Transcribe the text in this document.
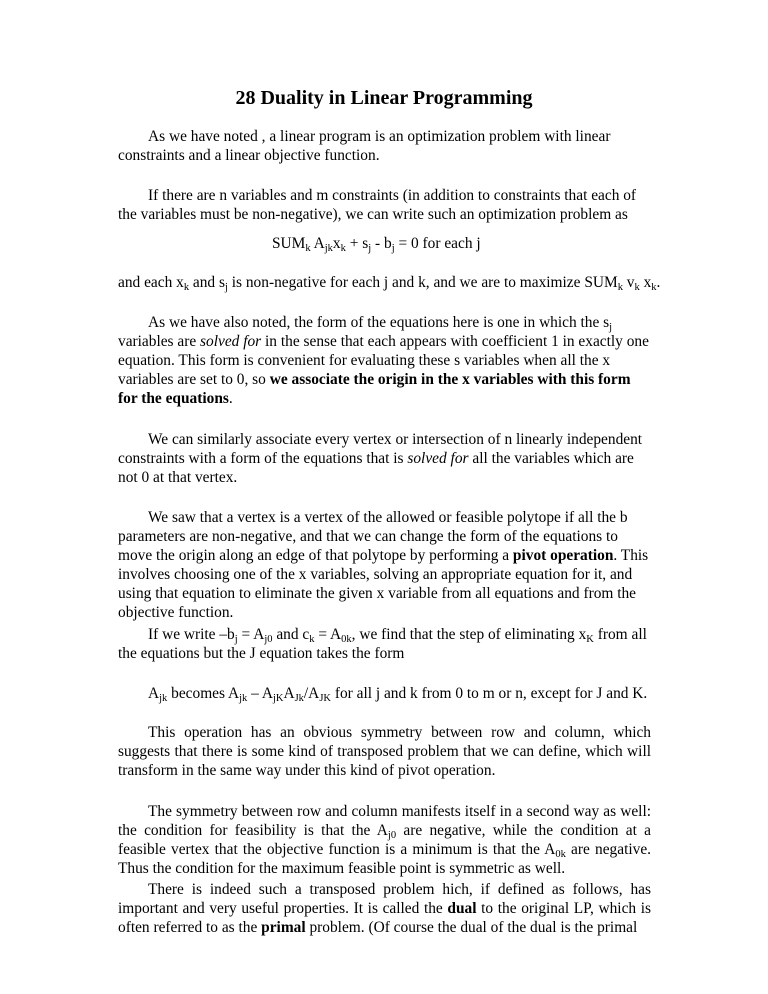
28 Duality in Linear Programming

As we have noted , a linear program is an optimization problem with linear constraints and a linear objective function.

If there are n variables and m constraints (in addition to constraints that each of the variables must be non-negative), we can write such an optimization problem as

$SUM_k$ $A_{jk}x_k + s_j - b_j = 0$ for each j

and each $x_k$ and $s_j$ is non-negative for each j and k, and we are to maximize $SUM_k$ $v_k$ $x_k$.

As we have also noted, the form of the equations here is one in which the $s_j$ variables are solved for in the sense that each appears with coefficient 1 in exactly one equation. This form is convenient for evaluating these s variables when all the x variables are set to 0, so we associate the origin in the x variables with this form for the equations.

We can similarly associate every vertex or intersection of n linearly independent constraints with a form of the equations that is solved for all the variables which are not 0 at that vertex.

We saw that a vertex is a vertex of the allowed or feasible polytope if all the b parameters are non-negative, and that we can change the form of the equations to move the origin along an edge of that polytope by performing a pivot operation. This involves choosing one of the x variables, solving an appropriate equation for it, and using that equation to eliminate the given x variable from all equations and from the objective function.

If we write $-b_j = A_{j0}$ and $c_k = A_{0k}$, we find that the step of eliminating $x_K$ from all the equations but the J equation takes the form

$A_{jk}$ becomes $A_{jk} - A_{jK}A_{Jk}/A_{JK}$ for all j and k from 0 to m or n, except for J and K.

This operation has an obvious symmetry between row and column, which suggests that there is some kind of transposed problem that we can define, which will transform in the same way under this kind of pivot operation.

The symmetry between row and column manifests itself in a second way as well: the condition for feasibility is that the $A_{j0}$ are negative, while the condition at a feasible vertex that the objective function is a minimum is that the $A_{0k}$ are negative. Thus the condition for the maximum feasible point is symmetric as well.

There is indeed such a transposed problem hich, if defined as follows, has important and very useful properties. It is called the dual to the original LP, which is often referred to as the primal problem. (Of course the dual of the dual is the primal
